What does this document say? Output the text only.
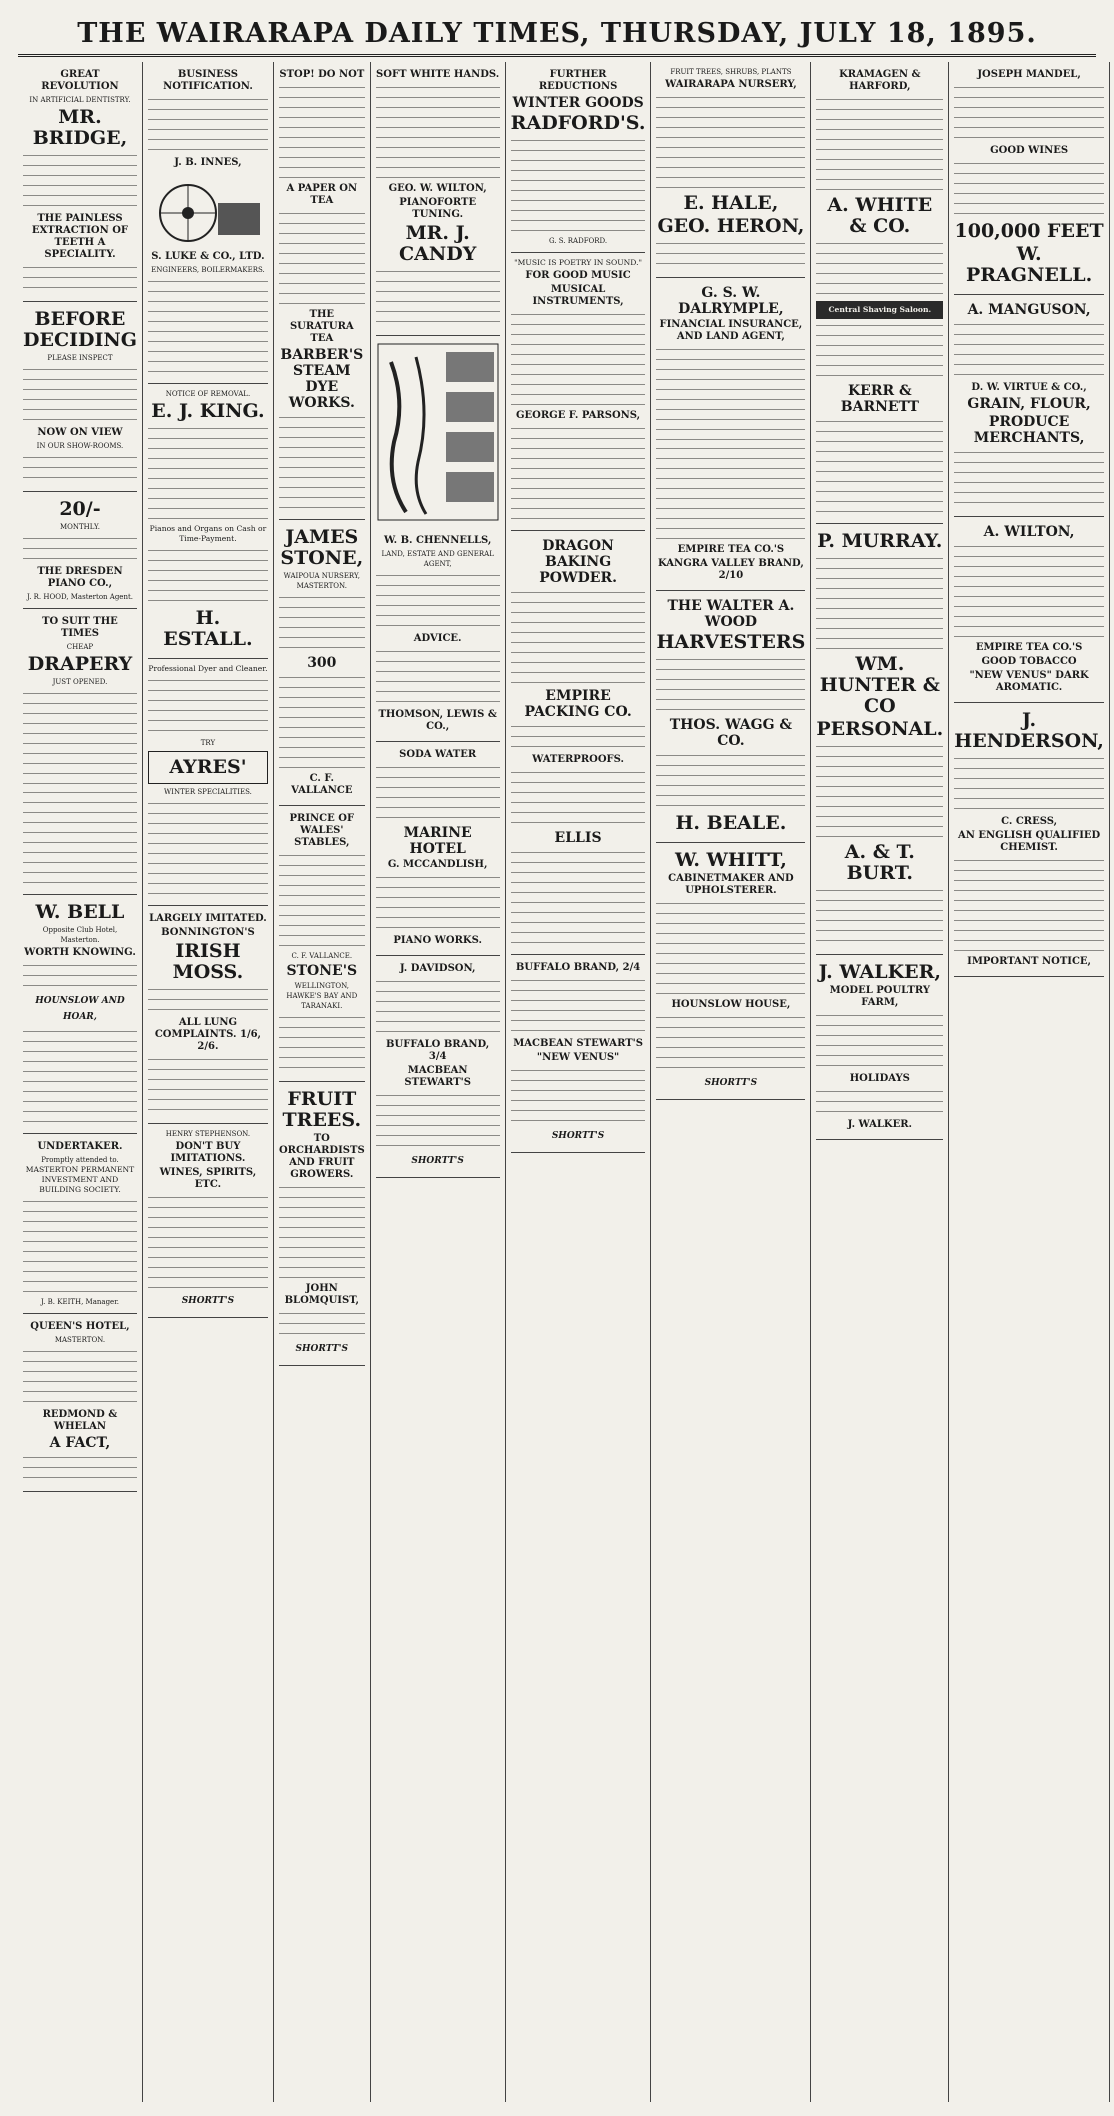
THE WAIRARAPA DAILY TIMES, THURSDAY, JULY 18, 1895.
GREAT REVOLUTION
IN ARTIFICIAL DENTISTRY.
MR. BRIDGE,
THE PAINLESS EXTRACTION OF TEETH A SPECIALITY.
BEFORE DECIDING
PLEASE INSPECT
NOW ON VIEW
IN OUR SHOW-ROOMS.
20/-
MONTHLY.
THE DRESDEN PIANO CO.,
J. R. HOOD, Masterton Agent.
TO SUIT THE TIMES
CHEAP
DRAPERY
JUST OPENED.
W. BELL
Opposite Club Hotel, Masterton.
WORTH KNOWING.
HOUNSLOW AND HOAR,
UNDERTAKER.
Promptly attended to.
MASTERTON PERMANENT INVESTMENT AND BUILDING SOCIETY.
J. B. KEITH, Manager.
QUEEN'S HOTEL,
MASTERTON.
REDMOND & WHELAN
A FACT,
BUSINESS NOTIFICATION.
J. B. INNES,
S. LUKE & CO., LTD.
ENGINEERS, BOILERMAKERS.
NOTICE OF REMOVAL.
E. J. KING.
Pianos and Organs on Cash or Time-Payment.
H. ESTALL.
Professional Dyer and Cleaner.
TRY
AYRES'
WINTER SPECIALITIES.
LARGELY IMITATED.
BONNINGTON'S
IRISH MOSS.
ALL LUNG COMPLAINTS. 1/6, 2/6.
HENRY STEPHENSON.
DON'T BUY IMITATIONS.
WINES, SPIRITS, ETC.
SHORTT'S
STOP! DO NOT
A PAPER ON TEA
THE SURATURA TEA
BARBER'S STEAM DYE WORKS.
JAMES STONE,
WAIPOUA NURSERY, MASTERTON.
300
C. F. VALLANCE
PRINCE OF WALES' STABLES,
C. F. VALLANCE.
STONE'S
WELLINGTON, HAWKE'S BAY AND TARANAKI.
FRUIT TREES.
TO ORCHARDISTS AND FRUIT GROWERS.
JOHN BLOMQUIST,
SHORTT'S
SOFT WHITE HANDS.
GEO. W. WILTON,
PIANOFORTE TUNING.
MR. J. CANDY
W. B. CHENNELLS,
LAND, ESTATE AND GENERAL AGENT,
ADVICE.
THOMSON, LEWIS & CO.,
SODA WATER
MARINE HOTEL
G. MCCANDLISH,
PIANO WORKS.
J. DAVIDSON,
BUFFALO BRAND, 3/4
MACBEAN STEWART'S
SHORTT'S
FURTHER REDUCTIONS
WINTER GOODS
RADFORD'S.
G. S. RADFORD.
"MUSIC IS POETRY IN SOUND."
FOR GOOD MUSIC
MUSICAL INSTRUMENTS,
GEORGE F. PARSONS,
DRAGON BAKING POWDER.
EMPIRE PACKING CO.
WATERPROOFS.
ELLIS
BUFFALO BRAND, 2/4
MACBEAN STEWART'S
"NEW VENUS"
SHORTT'S
FRUIT TREES, SHRUBS, PLANTS
WAIRARAPA NURSERY,
E. HALE,
GEO. HERON,
G. S. W. DALRYMPLE,
FINANCIAL INSURANCE, AND LAND AGENT,
EMPIRE TEA CO.'S
KANGRA VALLEY BRAND, 2/10
THE WALTER A. WOOD
HARVESTERS
THOS. WAGG & CO.
H. BEALE.
W. WHITT,
CABINETMAKER AND UPHOLSTERER.
HOUNSLOW HOUSE,
SHORTT'S
KRAMAGEN & HARFORD,
A. WHITE & CO.
Central Shaving Saloon.
KERR & BARNETT
P. MURRAY.
WM. HUNTER & CO
PERSONAL.
A. & T. BURT.
J. WALKER,
MODEL POULTRY FARM,
HOLIDAYS
J. WALKER.
JOSEPH MANDEL,
GOOD WINES
100,000 FEET
W. PRAGNELL.
A. MANGUSON,
D. W. VIRTUE & CO.,
GRAIN, FLOUR,
PRODUCE MERCHANTS,
A. WILTON,
EMPIRE TEA CO.'S
GOOD TOBACCO
"NEW VENUS" DARK AROMATIC.
J. HENDERSON,
C. CRESS,
AN ENGLISH QUALIFIED CHEMIST.
IMPORTANT NOTICE,
